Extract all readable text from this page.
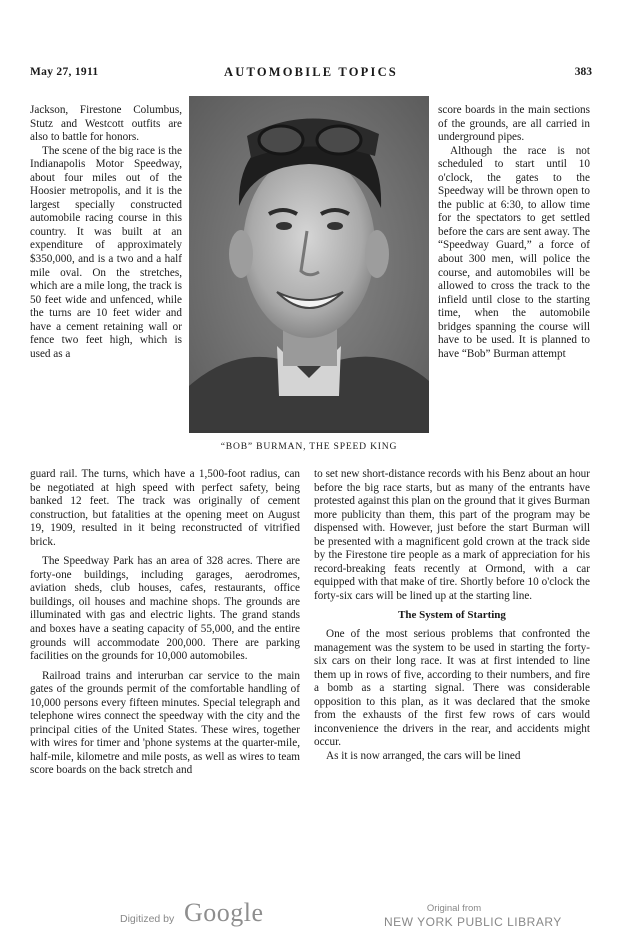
May 27, 1911	AUTOMOBILE TOPICS	383

Jackson, Firestone Columbus, Stutz and Westcott outfits are also to battle for honors.

The scene of the big race is the Indianapolis Motor Speedway, about four miles out of the Hoosier metropolis, and it is the largest specially constructed automobile racing course in this country. It was built at an expenditure of approximately $350,000, and is a two and a half mile oval. On the stretches, which are a mile long, the track is 50 feet wide and unfenced, while the turns are 10 feet wider and have a cement retaining wall or fence two feet high, which is used as a

“BOB” BURMAN, THE SPEED KING

score boards in the main sections of the grounds, are all carried in underground pipes.

Although the race is not scheduled to start until 10 o'clock, the gates to the Speedway will be thrown open to the public at 6:30, to allow time for the spectators to get settled before the cars are sent away. The “Speedway Guard,” a force of about 300 men, will police the course, and automobiles will be allowed to cross the track to the infield until close to the starting time, when the automobile bridges spanning the course will have to be used. It is planned to have “Bob” Burman attempt

guard rail. The turns, which have a 1,500-foot radius, can be negotiated at high speed with perfect safety, being banked 12 feet. The track was originally of cement construction, but fatalities at the opening meet on August 19, 1909, resulted in it being reconstructed of vitrified brick.

The Speedway Park has an area of 328 acres. There are forty-one buildings, including garages, aerodromes, aviation sheds, club houses, cafes, restaurants, office buildings, oil houses and machine shops. The grounds are illuminated with gas and electric lights. The grand stands and boxes have a seating capacity of 55,000, and the entire grounds will accommodate 200,000. There are parking facilities on the grounds for 10,000 automobiles.

Railroad trains and interurban car service to the main gates of the grounds permit of the comfortable handling of 10,000 persons every fifteen minutes. Special telegraph and telephone wires connect the speedway with the city and the principal cities of the United States. These wires, together with wires for timer and 'phone systems at the quarter-mile, half-mile, kilometre and mile posts, as well as wires to team score boards on the back stretch and

to set new short-distance records with his Benz about an hour before the big race starts, but as many of the entrants have protested against this plan on the ground that it gives Burman more publicity than them, this part of the program may be dispensed with. However, just before the start Burman will be presented with a magnificent gold crown at the track side by the Firestone tire people as a mark of appreciation for his record-breaking feats recently at Ormond, with a car equipped with that make of tire. Shortly before 10 o'clock the forty-six cars will be lined up at the starting line.

The System of Starting

One of the most serious problems that confronted the management was the system to be used in starting the forty-six cars on their long race. It was at first intended to line them up in rows of five, according to their numbers, and fire a bomb as a starting signal. There was considerable opposition to this plan, as it was declared that the smoke from the exhausts of the first few rows of cars would inconvenience the drivers in the rear, and accidents might occur.

As it is now arranged, the cars will be lined

Digitized by Google	Original from
NEW YORK PUBLIC LIBRARY
